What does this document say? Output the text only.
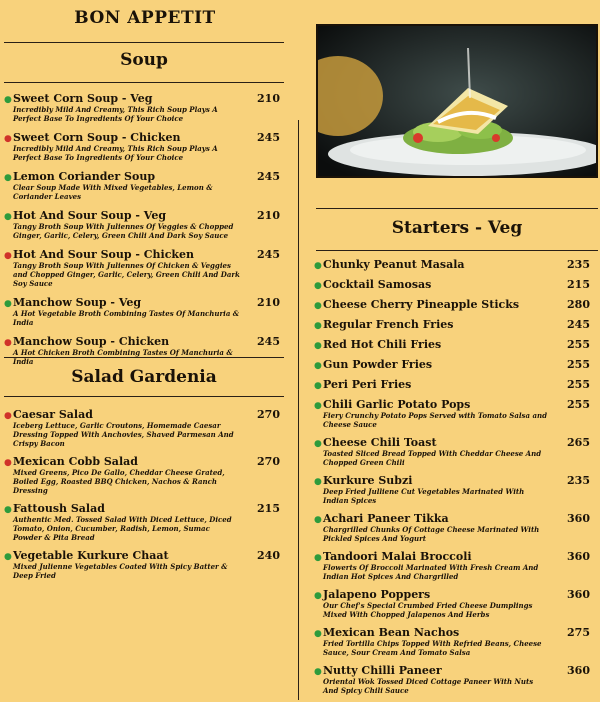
BON APPETIT
Soup
● Sweet Corn Soup - Veg	210
Incredibly Mild And Creamy, This Rich Soup Plays A Perfect Base To Ingredients Of Your Choice
● Sweet Corn Soup - Chicken	245
Incredibly Mild And Creamy, This Rich Soup Plays A Perfect Base To Ingredients Of Your Choice
● Lemon Coriander Soup	245
Clear Soup Made With Mixed Vegetables, Lemon & Coriander Leaves
● Hot And Sour Soup - Veg	210
Tangy Broth Soup With Juliennes Of Veggies & Chopped Ginger, Garlic, Celery, Green Chili And Dark Soy Sauce
● Hot And Sour Soup - Chicken	245
Tangy Broth Soup With Juliennes Of Chicken & Veggies and Chopped Ginger, Garlic, Celery, Green Chili And Dark Soy Sauce
● Manchow Soup - Veg	210
A Hot Vegetable Broth Combining Tastes Of Manchuria & India
● Manchow Soup - Chicken	245
A Hot Chicken Broth Combining Tastes Of Manchuria & India
Salad Gardenia
● Caesar Salad	270
Iceberg Lettuce, Garlic Croutons, Homemade Caesar Dressing Topped With Anchovies, Shaved Parmesan And Crispy Bacon
● Mexican Cobb Salad	270
Mixed Greens, Pico De Gallo, Cheddar Cheese Grated, Boiled Egg, Roasted BBQ Chicken, Nachos & Ranch Dressing
● Fattoush Salad	215
Authentic Med. Tossed Salad With Diced Lettuce, Diced Tomato, Onion, Cucumber, Radish, Lemon, Sumac Powder & Pita Bread
● Vegetable Kurkure Chaat	240
Mixed Julienne Vegetables Coated With Spicy Batter & Deep Fried
Starters - Veg
● Chunky Peanut Masala	235
● Cocktail Samosas	215
● Cheese Cherry Pineapple Sticks	280
● Regular French Fries	245
● Red Hot Chili Fries	255
● Gun Powder Fries	255
● Peri Peri Fries	255
● Chili Garlic Potato Pops	255
Fiery Crunchy Potato Pops Served with Tomato Salsa and Cheese Sauce
● Cheese Chili Toast	265
Toasted Sliced Bread Topped With Cheddar Cheese And Chopped Green Chili
● Kurkure Subzi	235
Deep Fried Julliene Cut Vegetables Marinated With Indian Spices
● Achari Paneer Tikka	360
Chargrilled Chunks Of Cottage Cheese Marinated With Pickled Spices And Yogurt
● Tandoori Malai Broccoli	360
Flowerts Of Broccoli Marinated With Fresh Cream And Indian Hot Spices And Chargrilled
● Jalapeno Poppers	360
Our Chef's Special Crumbed Fried Cheese Dumplings Mixed With Chopped Jalapenos And Herbs
● Mexican Bean Nachos	275
Fried Tortilla Chips Topped With Refried Beans, Cheese Sauce, Sour Cream And Tomato Salsa
● Nutty Chilli Paneer	360
Oriental Wok Tossed Diced Cottage Paneer With Nuts And Spicy Chili Sauce
